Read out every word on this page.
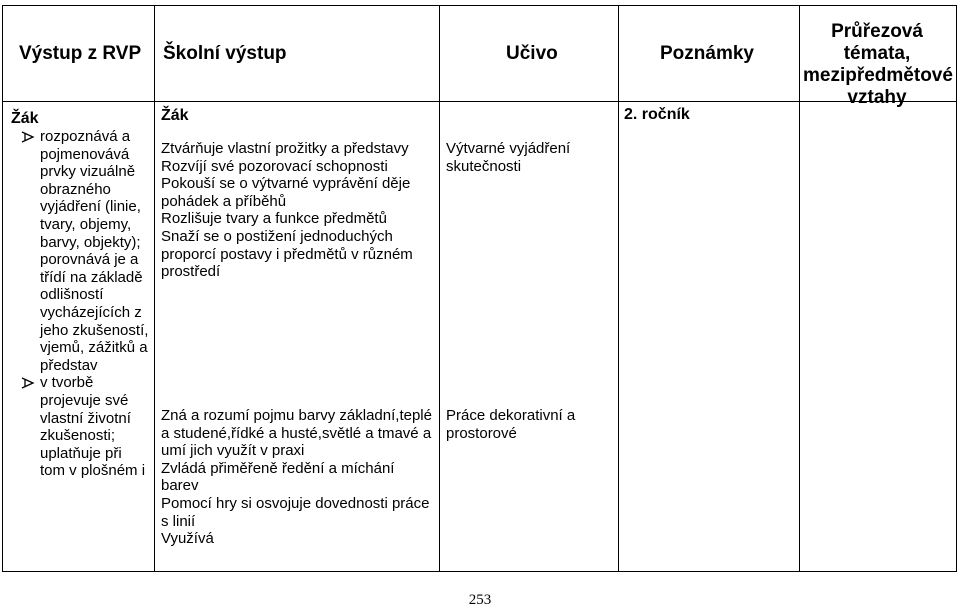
Výstup z RVP Školní výstup	Učivo	Poznámky
Průřezová témata, mezipředmětové vztahy
Žák
rozpoznává a pojmenovává prvky vizuálně obrazného vyjádření (linie, tvary, objemy, barvy, objekty); porovnává je a třídí na základě odlišností vycházejících z jeho zkušeností, vjemů, zážitků a představ
v tvorbě projevuje své vlastní životní zkušenosti; uplatňuje při tom v plošném i
Žák
Ztvárňuje vlastní prožitky a představy
Rozvíjí své pozorovací schopnosti
Pokouší se o výtvarné vyprávění děje pohádek a příběhů
Rozlišuje tvary a funkce předmětů
Snaží se o postižení jednoduchých proporcí postavy i předmětů v různém prostředí
Zná a rozumí pojmu barvy základní,teplé a studené,řídké a husté,světlé a tmavé a umí jich využít v praxi
Zvládá přiměřeně ředění a míchání barev
Pomocí hry si osvojuje dovednosti práce s linií
Využívá
Výtvarné vyjádření skutečnosti
Práce dekorativní a prostorové
2. ročník
253
